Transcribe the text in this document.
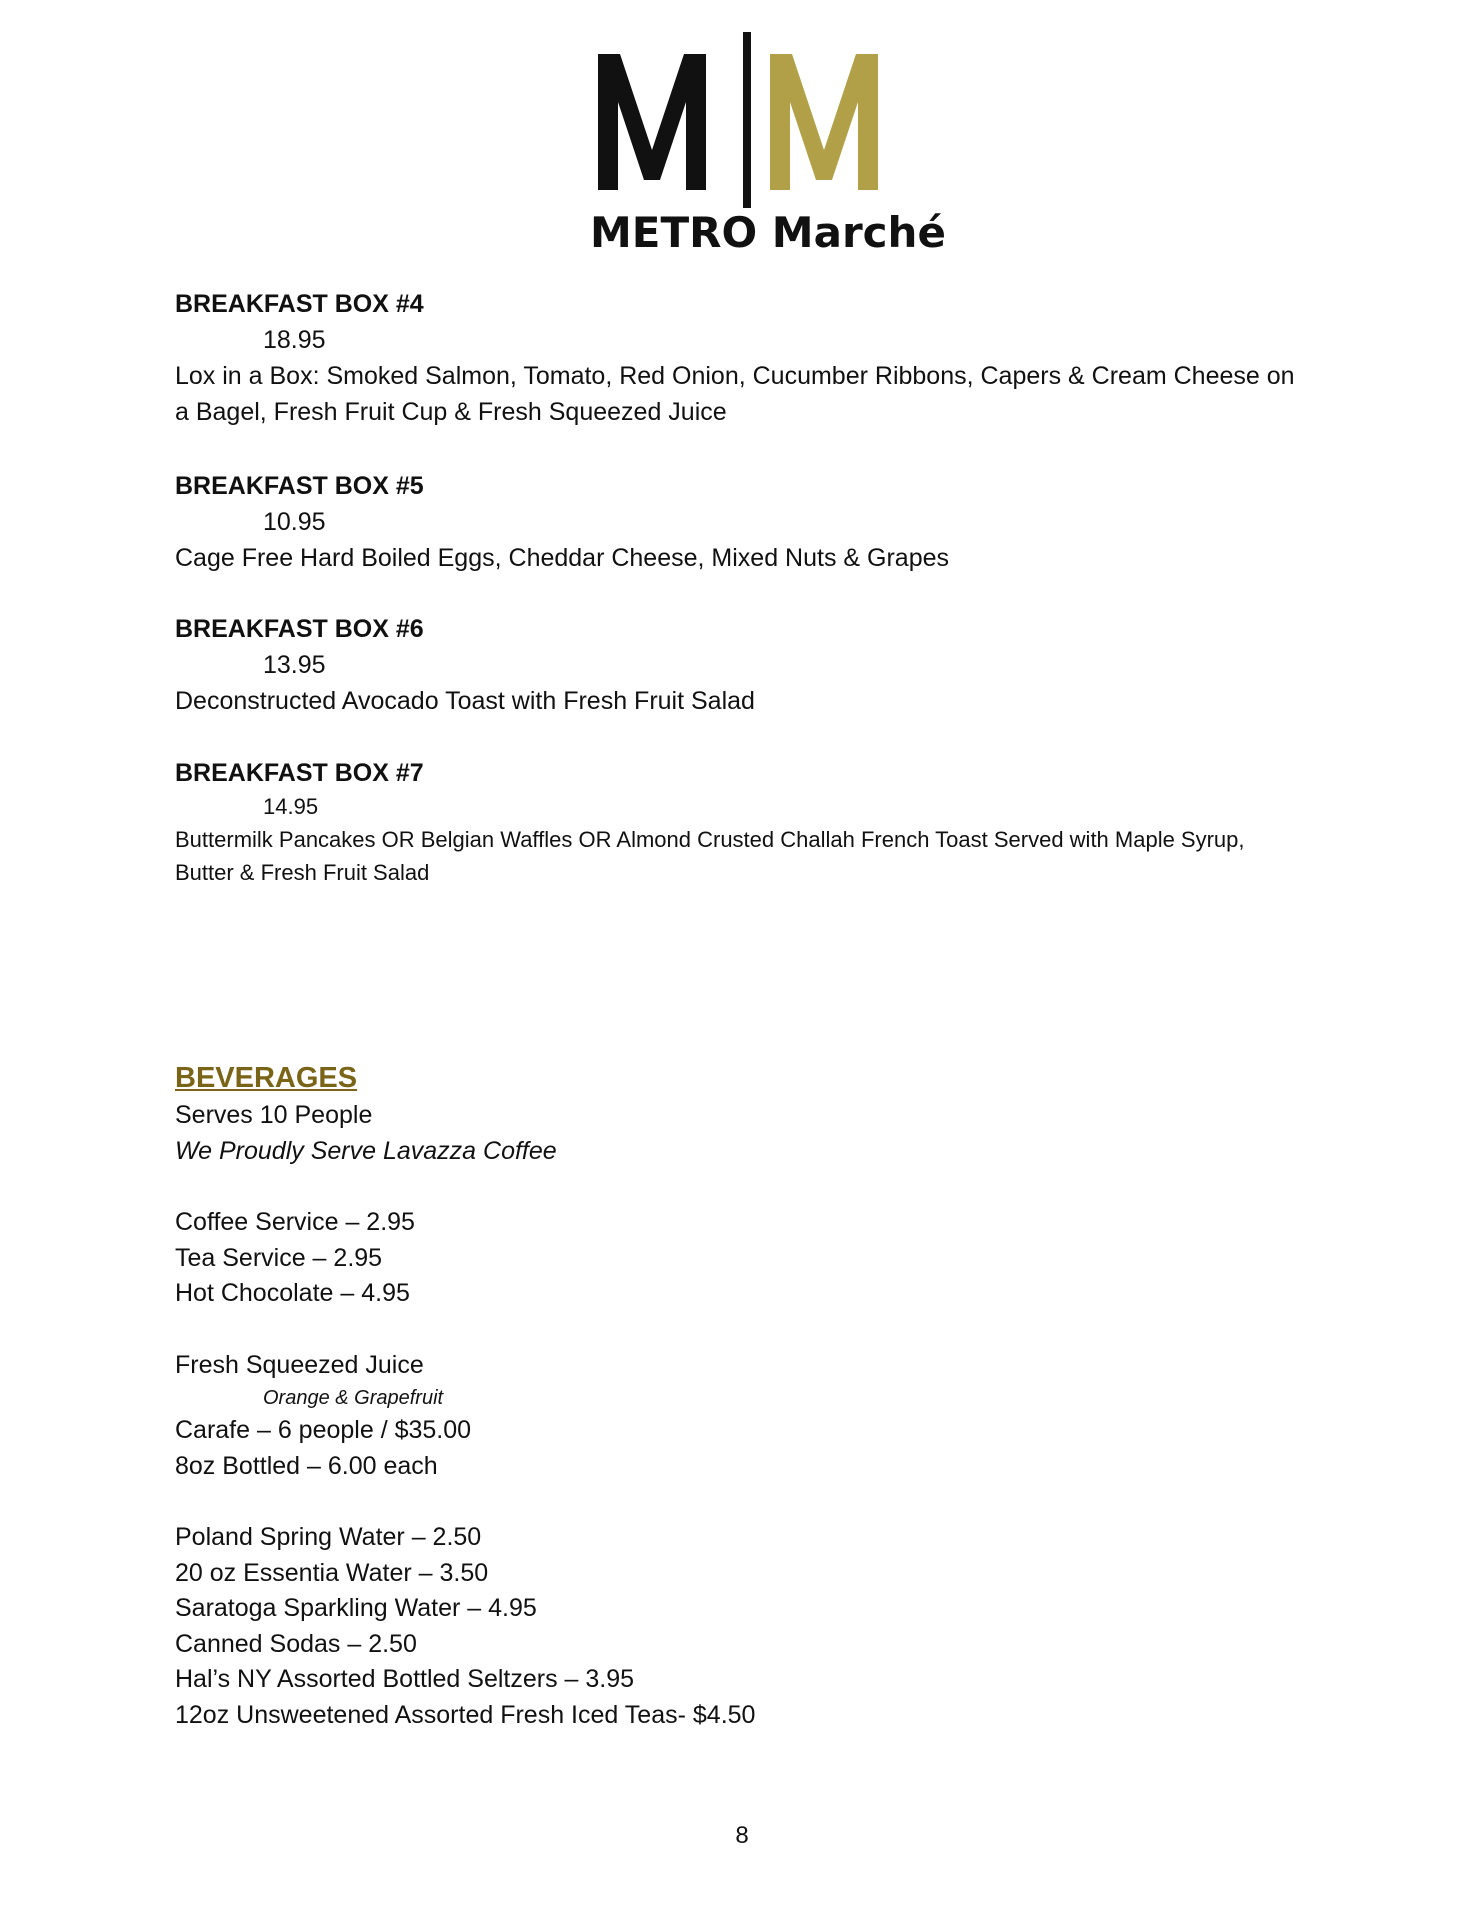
METRO Marché
BREAKFAST BOX #4
18.95
Lox in a Box: Smoked Salmon, Tomato, Red Onion, Cucumber Ribbons, Capers & Cream Cheese on a Bagel, Fresh Fruit Cup & Fresh Squeezed Juice
BREAKFAST BOX #5
10.95
Cage Free Hard Boiled Eggs, Cheddar Cheese, Mixed Nuts & Grapes
BREAKFAST BOX #6
13.95
Deconstructed Avocado Toast with Fresh Fruit Salad
BREAKFAST BOX #7
14.95
Buttermilk Pancakes OR Belgian Waffles OR Almond Crusted Challah French Toast Served with Maple Syrup, Butter & Fresh Fruit Salad
BEVERAGES
Serves 10 People
We Proudly Serve Lavazza Coffee
Coffee Service – 2.95
Tea Service – 2.95
Hot Chocolate – 4.95
Fresh Squeezed Juice
Orange & Grapefruit
Carafe – 6 people / $35.00
8oz Bottled – 6.00 each
Poland Spring Water – 2.50
20 oz Essentia Water – 3.50
Saratoga Sparkling Water – 4.95
Canned Sodas – 2.50
Hal’s NY Assorted Bottled Seltzers – 3.95
12oz Unsweetened Assorted Fresh Iced Teas- $4.50
8
